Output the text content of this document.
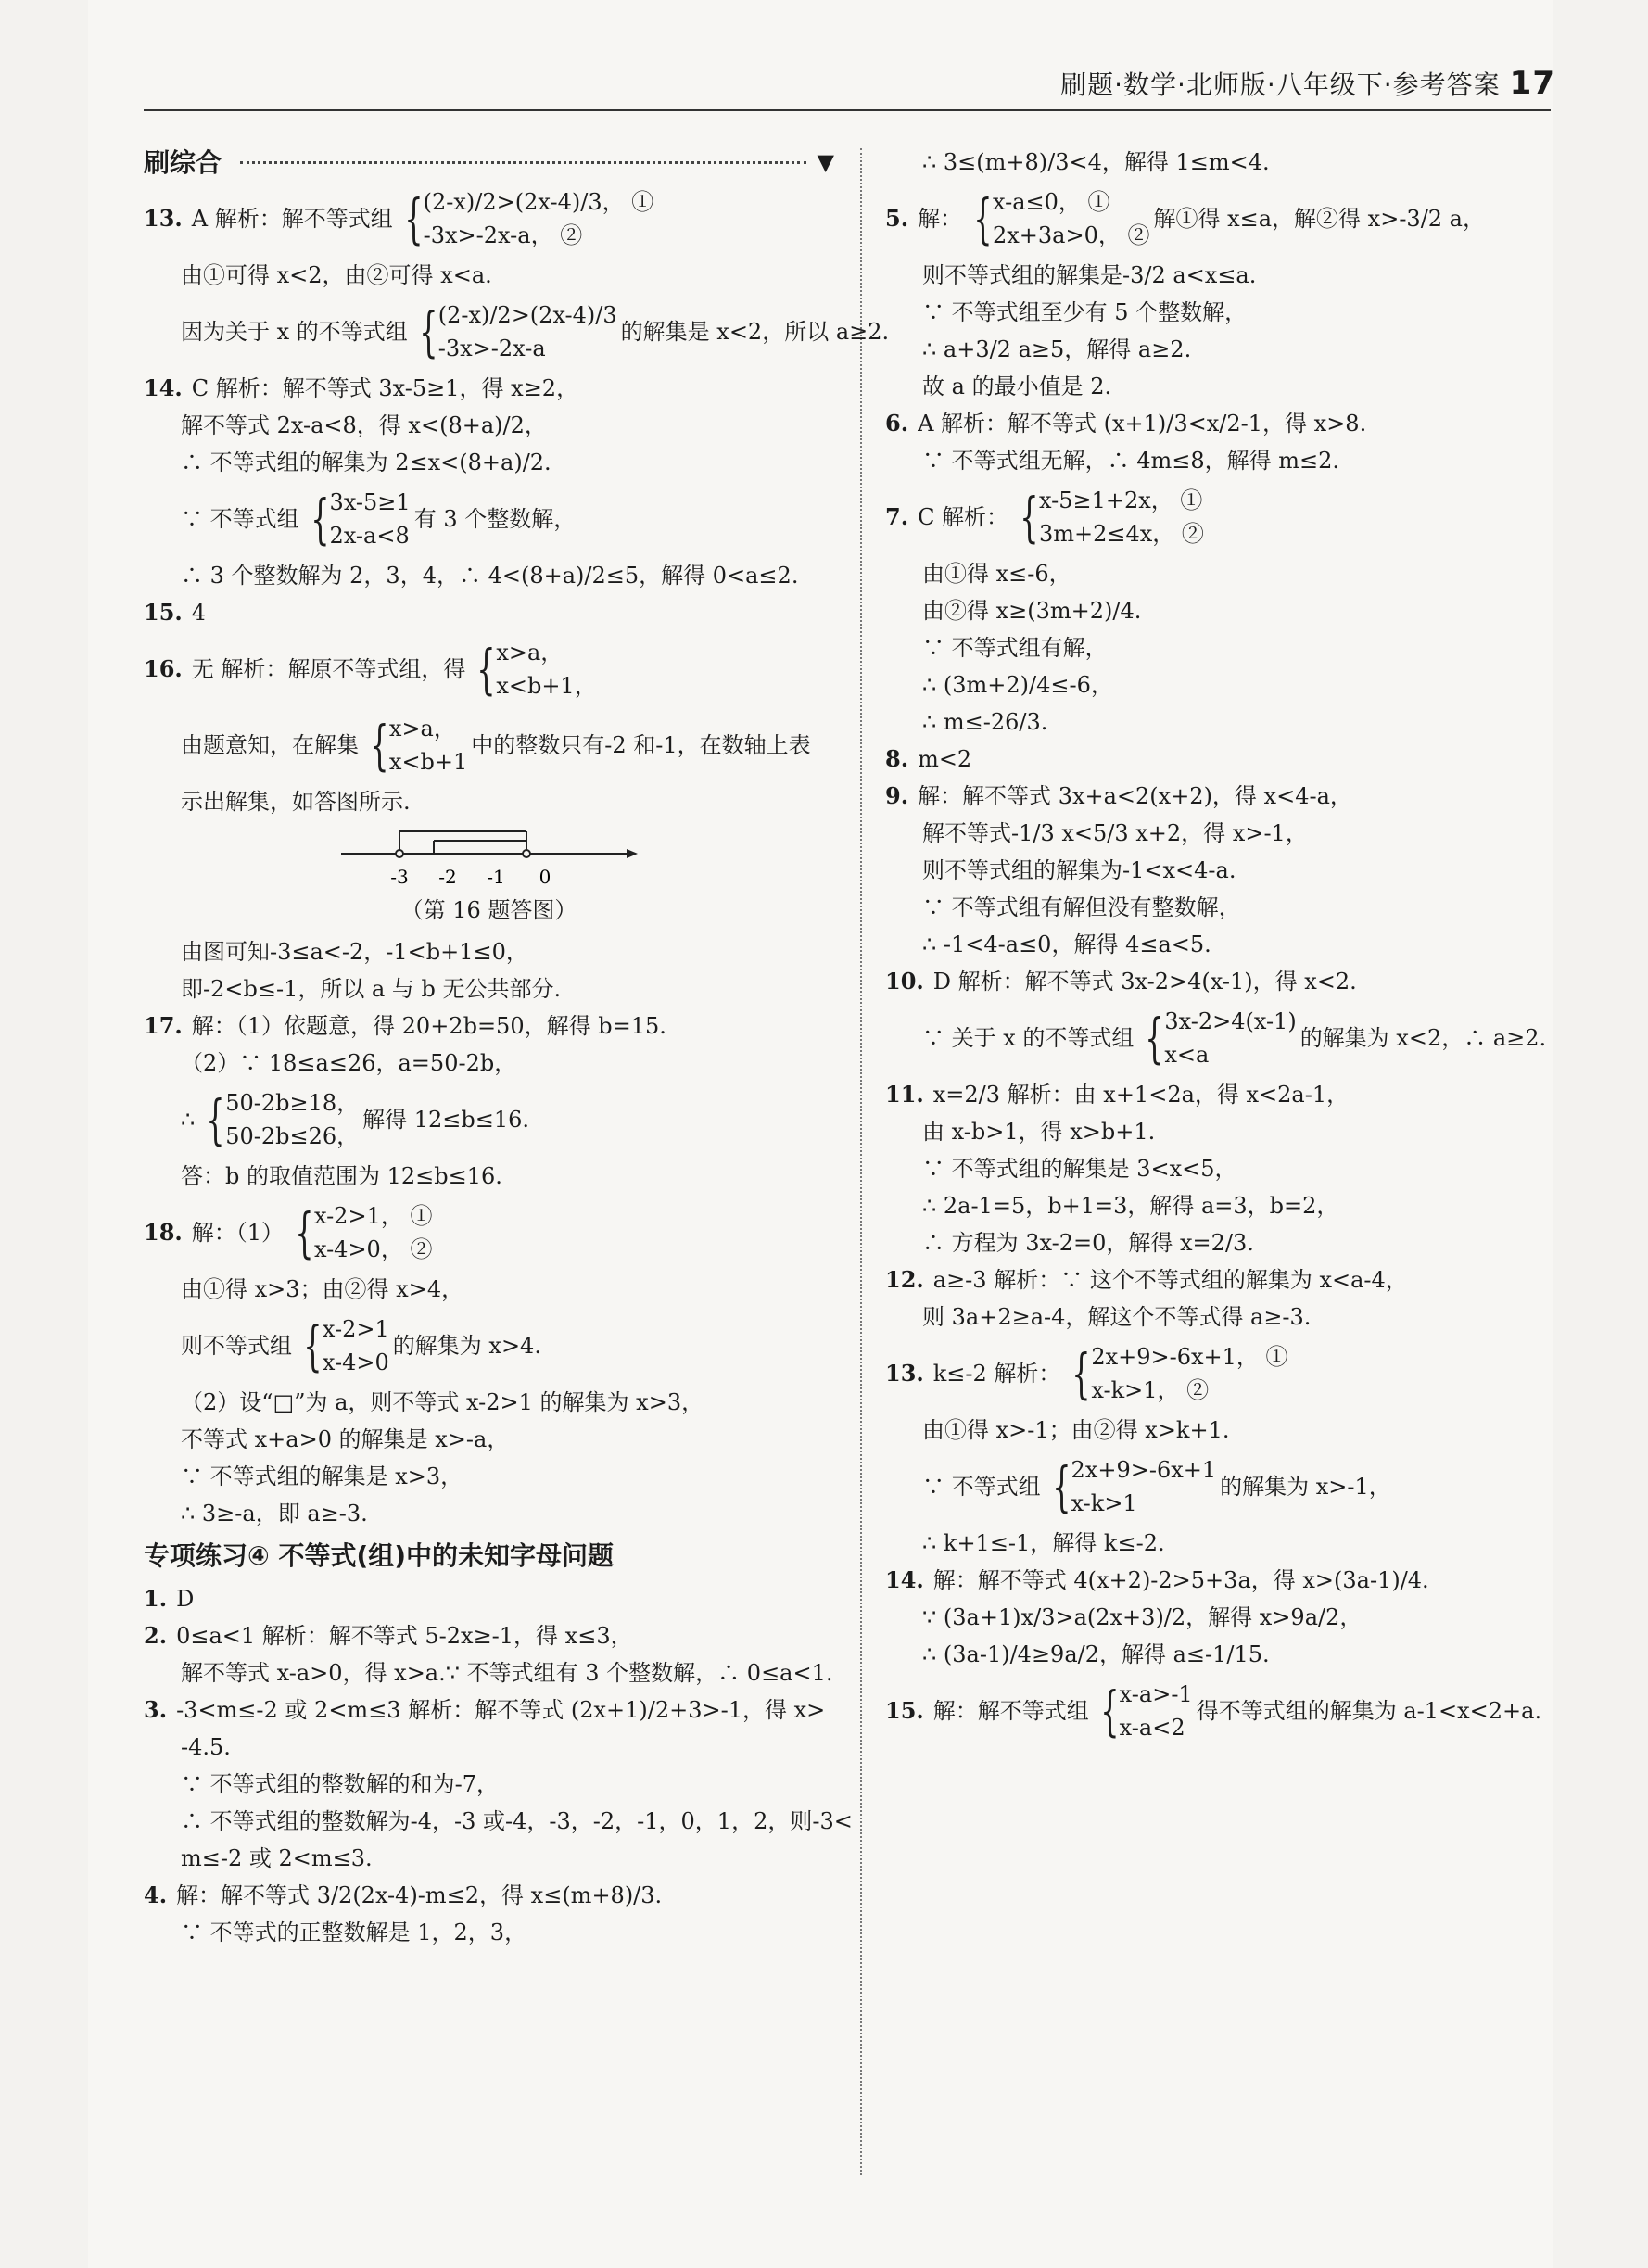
刷题·数学·北师版·八年级下·参考答案 17
刷综合	▼
13. A 解析：解不等式组 { (2-x)/2>(2x-4)/3， ①
-3x>-2x-a， ②
由①可得 x<2，由②可得 x<a.
因为关于 x 的不等式组 { (2-x)/2>(2x-4)/3
-3x>-2x-a
的解集是 x<2，所以 a≥2.
14. C 解析：解不等式 3x-5≥1，得 x≥2，
解不等式 2x-a<8，得 x<(8+a)/2，
∴ 不等式组的解集为 2≤x<(8+a)/2.
∵ 不等式组 { 3x-5≥1
2x-a<8
有 3 个整数解，
∴ 3 个整数解为 2，3，4，∴ 4<(8+a)/2≤5，解得 0<a≤2.
15. 4
16. 无 解析：解原不等式组，得 { x>a，
x<b+1，
由题意知，在解集 { x>a，
x<b+1
中的整数只有-2 和-1，在数轴上表
示出解集，如答图所示.
-3 -2 -1 0
（第 16 题答图）
由图可知-3≤a<-2，-1<b+1≤0，
即-2<b≤-1，所以 a 与 b 无公共部分.
17. 解：（1）依题意，得 20+2b=50，解得 b=15.
（2）∵ 18≤a≤26，a=50-2b，
∴ { 50-2b≥18，
50-2b≤26，
解得 12≤b≤16.
答：b 的取值范围为 12≤b≤16.
18. 解：（1） { x-2>1， ①
x-4>0， ②
由①得 x>3；由②得 x>4，
则不等式组 { x-2>1
x-4>0
的解集为 x>4.
（2）设“□”为 a，则不等式 x-2>1 的解集为 x>3，
不等式 x+a>0 的解集是 x>-a，
∵ 不等式组的解集是 x>3，
∴ 3≥-a，即 a≥-3.
专项练习④ 不等式(组)中的未知字母问题
1. D
2. 0≤a<1 解析：解不等式 5-2x≥-1，得 x≤3，
解不等式 x-a>0，得 x>a.∵ 不等式组有 3 个整数解，∴ 0≤a<1.
3. -3<m≤-2 或 2<m≤3 解析：解不等式 (2x+1)/2+3>-1，得 x>
-4.5.
∵ 不等式组的整数解的和为-7，
∴ 不等式组的整数解为-4，-3 或-4，-3，-2，-1，0，1，2，则-3<
m≤-2 或 2<m≤3.
4. 解：解不等式 3/2(2x-4)-m≤2，得 x≤(m+8)/3.
∵ 不等式的正整数解是 1，2，3，
∴ 3≤(m+8)/3<4，解得 1≤m<4.
5. 解： { x-a≤0， ①
2x+3a>0， ②
解①得 x≤a，解②得 x>-3/2 a，
则不等式组的解集是-3/2 a<x≤a.
∵ 不等式组至少有 5 个整数解，
∴ a+3/2 a≥5，解得 a≥2.
故 a 的最小值是 2.
6. A 解析：解不等式 (x+1)/3<x/2-1，得 x>8.
∵ 不等式组无解，∴ 4m≤8，解得 m≤2.
7. C 解析： { x-5≥1+2x， ①
3m+2≤4x， ②
由①得 x≤-6，
由②得 x≥(3m+2)/4.
∵ 不等式组有解，
∴ (3m+2)/4≤-6，
∴ m≤-26/3.
8. m<2
9. 解：解不等式 3x+a<2(x+2)，得 x<4-a，
解不等式-1/3 x<5/3 x+2，得 x>-1，
则不等式组的解集为-1<x<4-a.
∵ 不等式组有解但没有整数解，
∴ -1<4-a≤0，解得 4≤a<5.
10. D 解析：解不等式 3x-2>4(x-1)，得 x<2.
∵ 关于 x 的不等式组 { 3x-2>4(x-1)
x<a
的解集为 x<2，∴ a≥2.
11. x=2/3 解析：由 x+1<2a，得 x<2a-1，
由 x-b>1，得 x>b+1.
∵ 不等式组的解集是 3<x<5，
∴ 2a-1=5，b+1=3，解得 a=3，b=2，
∴ 方程为 3x-2=0，解得 x=2/3.
12. a≥-3 解析：∵ 这个不等式组的解集为 x<a-4，
则 3a+2≥a-4，解这个不等式得 a≥-3.
13. k≤-2 解析： { 2x+9>-6x+1， ①
x-k>1， ②
由①得 x>-1；由②得 x>k+1.
∵ 不等式组 { 2x+9>-6x+1
x-k>1
的解集为 x>-1，
∴ k+1≤-1，解得 k≤-2.
14. 解：解不等式 4(x+2)-2>5+3a，得 x>(3a-1)/4.
∵ (3a+1)x/3>a(2x+3)/2，解得 x>9a/2，
∴ (3a-1)/4≥9a/2，解得 a≤-1/15.
15. 解：解不等式组 { x-a>-1
x-a<2
得不等式组的解集为 a-1<x<2+a.
